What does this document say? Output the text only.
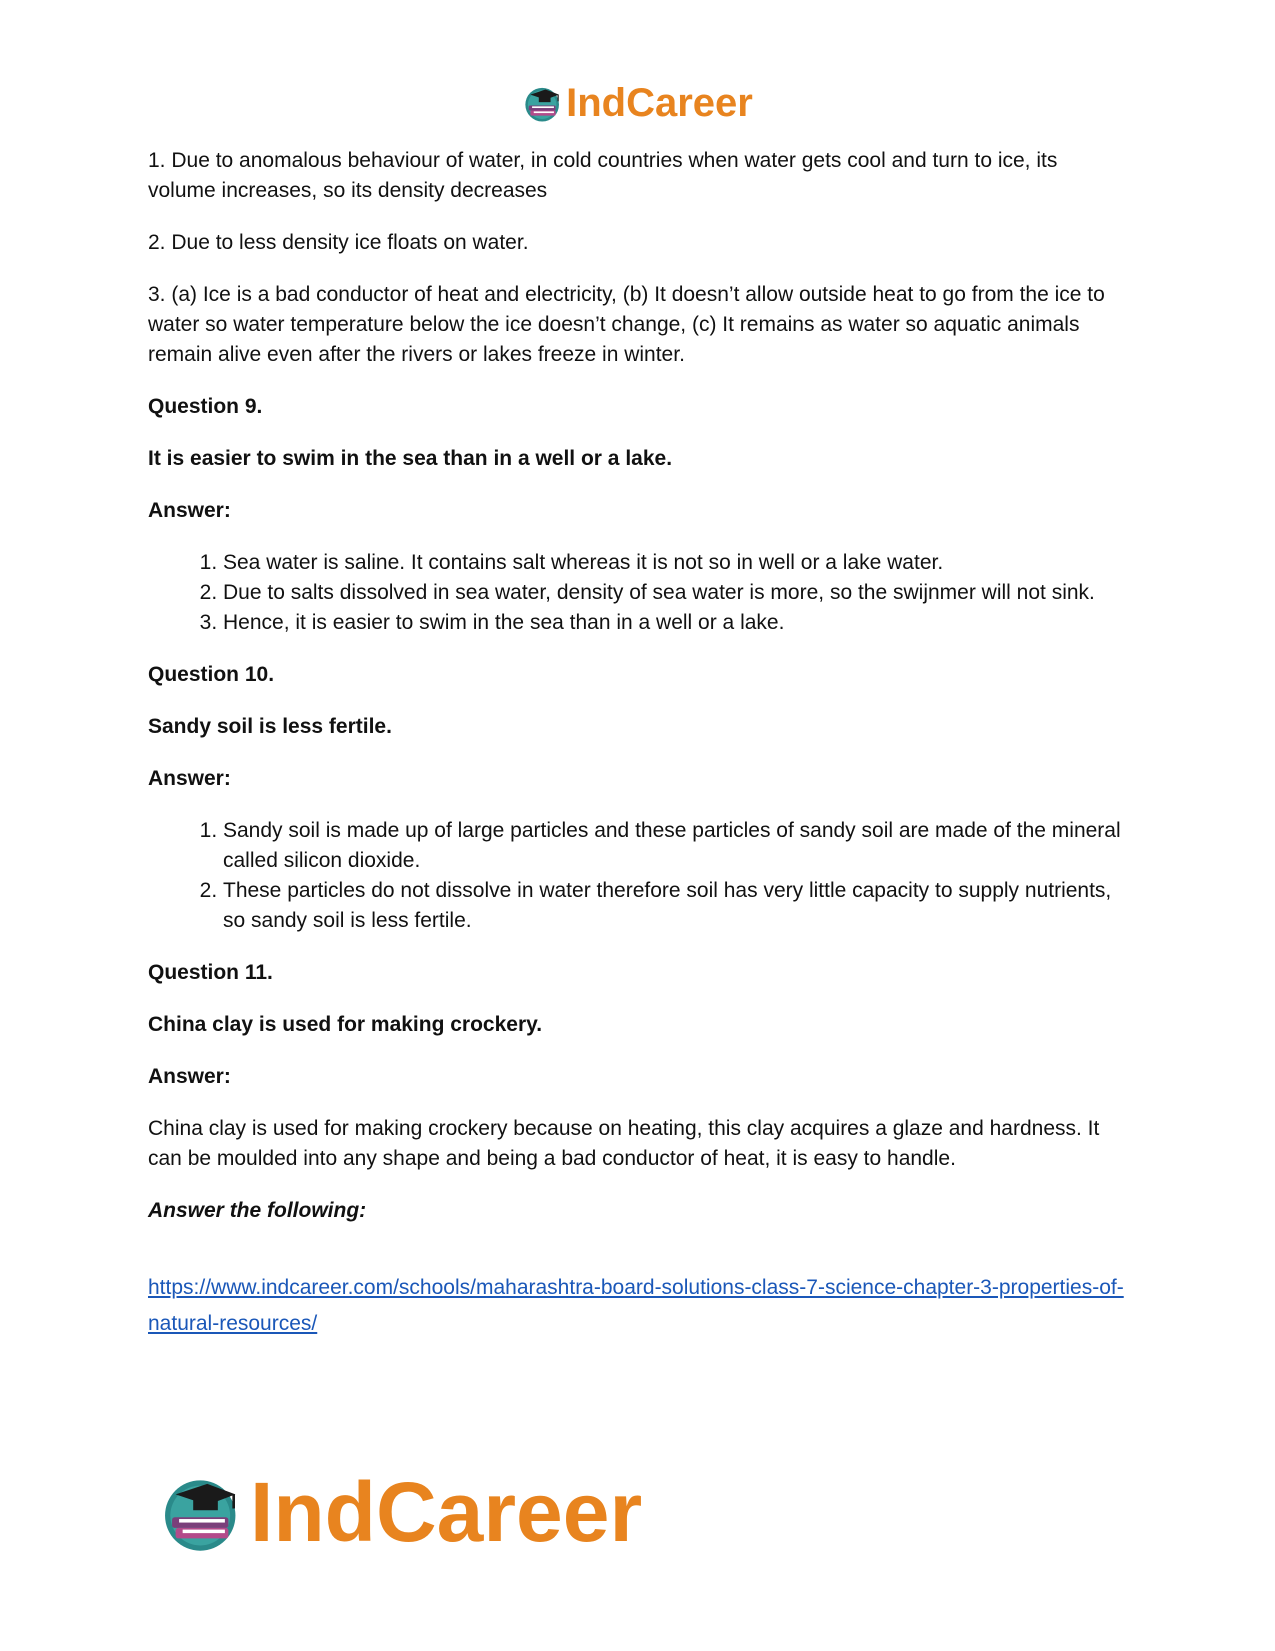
IndCareer

1. Due to anomalous behaviour of water, in cold countries when water gets cool and turn to ice, its volume increases, so its density decreases

2. Due to less density ice floats on water.

3. (a) Ice is a bad conductor of heat and electricity, (b) It doesn’t allow outside heat to go from the ice to water so water temperature below the ice doesn’t change, (c) It remains as water so aquatic animals remain alive even after the rivers or lakes freeze in winter.

Question 9.

It is easier to swim in the sea than in a well or a lake.

Answer:

1. Sea water is saline. It contains salt whereas it is not so in well or a lake water.
2. Due to salts dissolved in sea water, density of sea water is more, so the swijnmer will not sink.
3. Hence, it is easier to swim in the sea than in a well or a lake.

Question 10.

Sandy soil is less fertile.

Answer:

1. Sandy soil is made up of large particles and these particles of sandy soil are made of the mineral called silicon dioxide.
2. These particles do not dissolve in water therefore soil has very little capacity to supply nutrients, so sandy soil is less fertile.

Question 11.

China clay is used for making crockery.

Answer:

China clay is used for making crockery because on heating, this clay acquires a glaze and hardness. It can be moulded into any shape and being a bad conductor of heat, it is easy to handle.

Answer the following:

https://www.indcareer.com/schools/maharashtra-board-solutions-class-7-science-chapter-3-properties-of-natural-resources/
IndCareer
